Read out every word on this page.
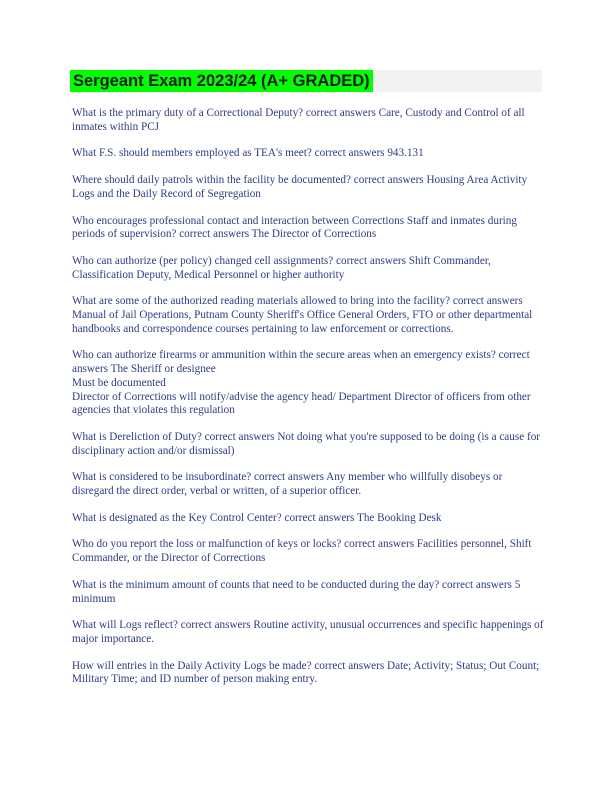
Sergeant Exam 2023/24 (A+ GRADED)

What is the primary duty of a Correctional Deputy? correct answers Care, Custody and Control of all inmates within PCJ

What F.S. should members employed as TEA's meet? correct answers 943.131

Where should daily patrols within the facility be documented? correct answers Housing Area Activity Logs and the Daily Record of Segregation

Who encourages professional contact and interaction between Corrections Staff and inmates during periods of supervision? correct answers The Director of Corrections

Who can authorize (per policy) changed cell assignments? correct answers Shift Commander, Classification Deputy, Medical Personnel or higher authority

What are some of the authorized reading materials allowed to bring into the facility? correct answers Manual of Jail Operations, Putnam County Sheriff's Office General Orders, FTO or other departmental handbooks and correspondence courses pertaining to law enforcement or corrections.

Who can authorize firearms or ammunition within the secure areas when an emergency exists? correct answers The Sheriff or designee
Must be documented
Director of Corrections will notify/advise the agency head/ Department Director of officers from other agencies that violates this regulation

What is Dereliction of Duty? correct answers Not doing what you're supposed to be doing (is a cause for disciplinary action and/or dismissal)

What is considered to be insubordinate? correct answers Any member who willfully disobeys or disregard the direct order, verbal or written, of a superior officer.

What is designated as the Key Control Center? correct answers The Booking Desk

Who do you report the loss or malfunction of keys or locks? correct answers Facilities personnel, Shift Commander, or the Director of Corrections

What is the minimum amount of counts that need to be conducted during the day? correct answers 5 minimum

What will Logs reflect? correct answers Routine activity, unusual occurrences and specific happenings of major importance.

How will entries in the Daily Activity Logs be made? correct answers Date; Activity; Status; Out Count; Military Time; and ID number of person making entry.
